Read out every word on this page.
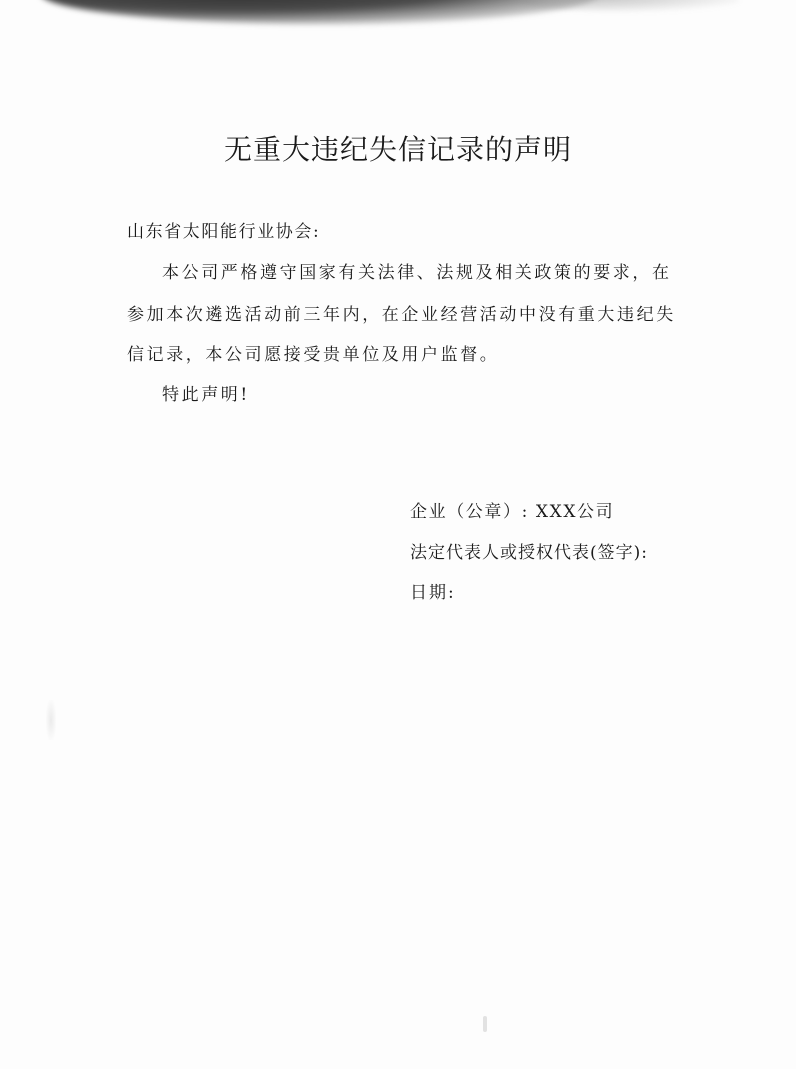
无重大违纪失信记录的声明

山东省太阳能行业协会:

本公司严格遵守国家有关法律、法规及相关政策的要求，在

参加本次遴选活动前三年内，在企业经营活动中没有重大违纪失

信记录，本公司愿接受贵单位及用户监督。

特此声明!

企业（公章）: XXX公司

法定代表人或授权代表(签字):

日期:
